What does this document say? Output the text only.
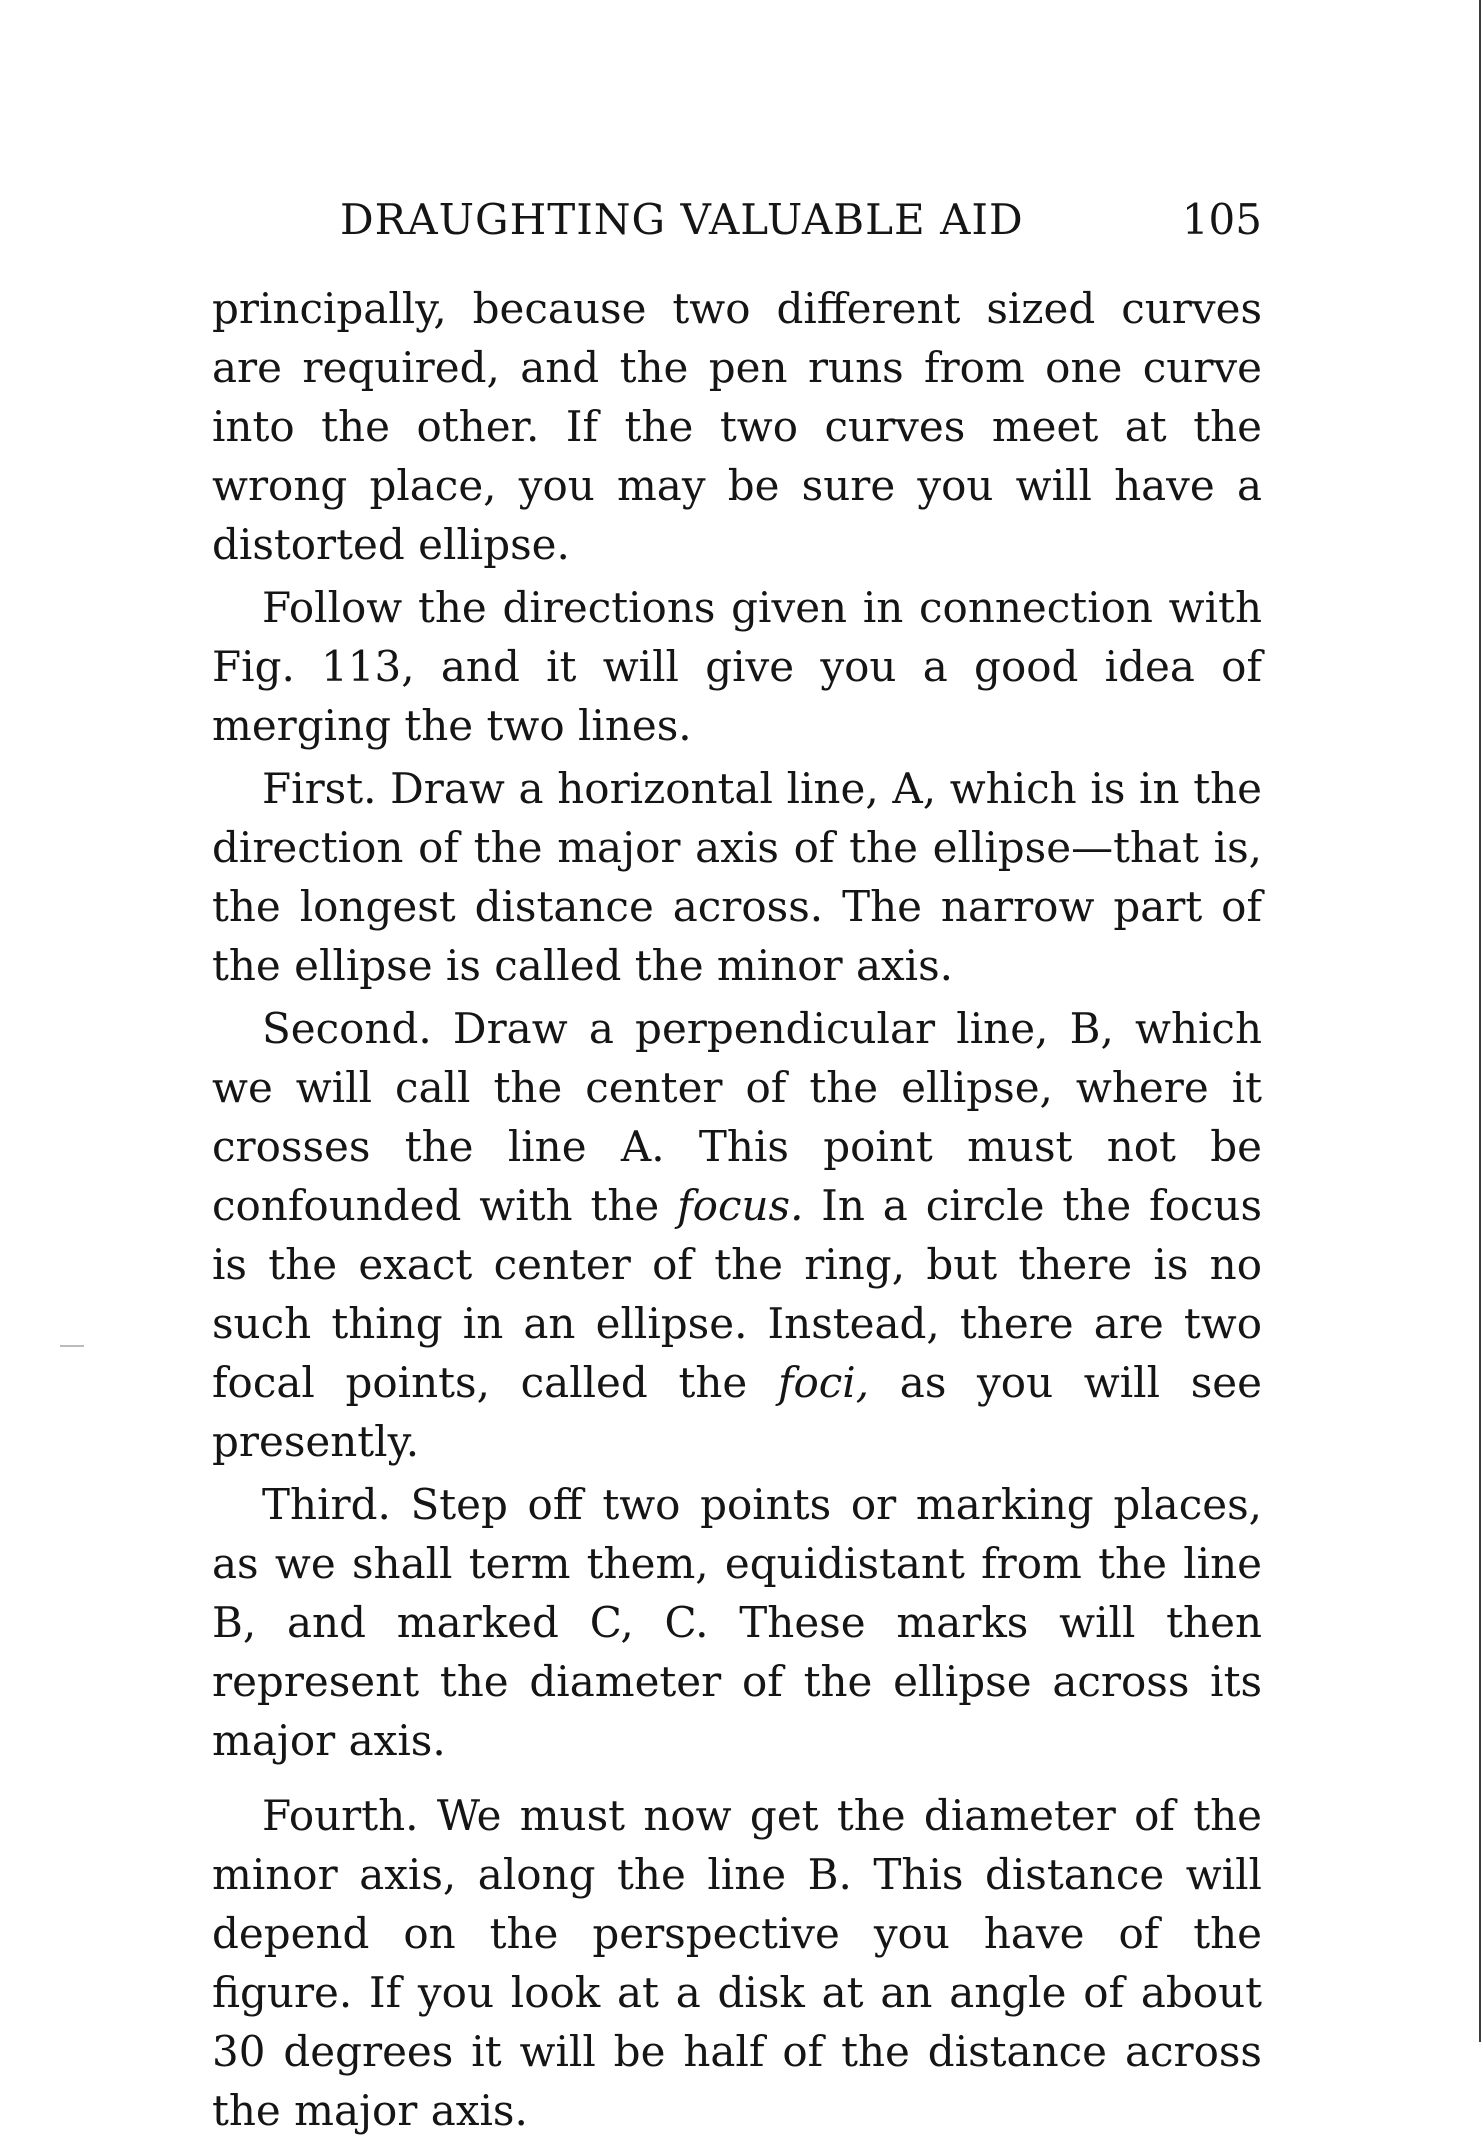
DRAUGHTING VALUABLE AID	105

principally, because two different sized curves are required, and the pen runs from one curve into the other. If the two curves meet at the wrong place, you may be sure you will have a distorted ellipse.

Follow the directions given in connection with Fig. 113, and it will give you a good idea of merging the two lines.

First. Draw a horizontal line, A, which is in the direction of the major axis of the ellipse—that is, the longest distance across. The narrow part of the ellipse is called the minor axis.

Second. Draw a perpendicular line, B, which we will call the center of the ellipse, where it crosses the line A. This point must not be confounded with the focus. In a circle the focus is the exact center of the ring, but there is no such thing in an ellipse. Instead, there are two focal points, called the foci, as you will see presently.

Third. Step off two points or marking places, as we shall term them, equidistant from the line B, and marked C, C. These marks will then represent the diameter of the ellipse across its major axis.

Fourth. We must now get the diameter of the minor axis, along the line B. This distance will depend on the perspective you have of the figure. If you look at a disk at an angle of about 30 degrees it will be half of the distance across the major axis.
